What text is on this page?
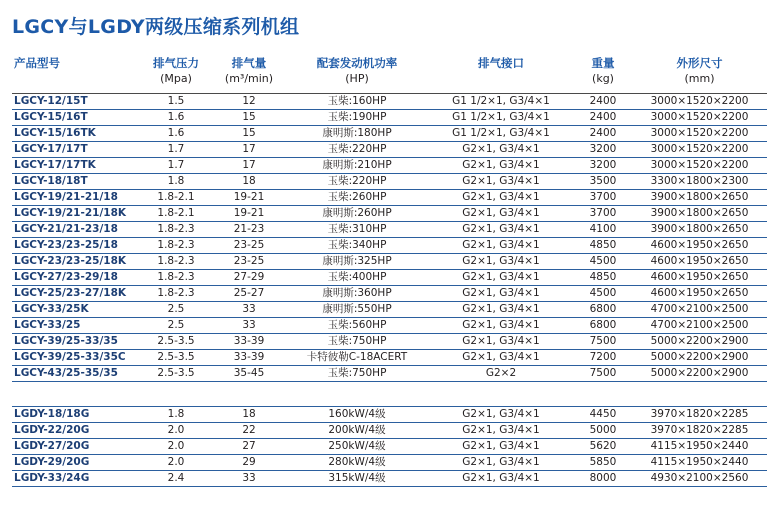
LGCY与LGDY两级压缩系列机组
产品型号	排气压力	排气量	配套发动机功率	排气接口	重量	外形尺寸
	(Mpa)	(m³/min)	(HP)		(kg)	(mm)
LGCY-12/15T	1.5	12	玉柴:160HP	G1 1/2×1, G3/4×1	2400	3000×1520×2200
LGCY-15/16T	1.6	15	玉柴:190HP	G1 1/2×1, G3/4×1	2400	3000×1520×2200
LGCY-15/16TK	1.6	15	康明斯:180HP	G1 1/2×1, G3/4×1	2400	3000×1520×2200
LGCY-17/17T	1.7	17	玉柴:220HP	G2×1, G3/4×1	3200	3000×1520×2200
LGCY-17/17TK	1.7	17	康明斯:210HP	G2×1, G3/4×1	3200	3000×1520×2200
LGCY-18/18T	1.8	18	玉柴:220HP	G2×1, G3/4×1	3500	3300×1800×2300
LGCY-19/21-21/18	1.8-2.1	19-21	玉柴:260HP	G2×1, G3/4×1	3700	3900×1800×2650
LGCY-19/21-21/18K	1.8-2.1	19-21	康明斯:260HP	G2×1, G3/4×1	3700	3900×1800×2650
LGCY-21/21-23/18	1.8-2.3	21-23	玉柴:310HP	G2×1, G3/4×1	4100	3900×1800×2650
LGCY-23/23-25/18	1.8-2.3	23-25	玉柴:340HP	G2×1, G3/4×1	4850	4600×1950×2650
LGCY-23/23-25/18K	1.8-2.3	23-25	康明斯:325HP	G2×1, G3/4×1	4500	4600×1950×2650
LGCY-27/23-29/18	1.8-2.3	27-29	玉柴:400HP	G2×1, G3/4×1	4850	4600×1950×2650
LGCY-25/23-27/18K	1.8-2.3	25-27	康明斯:360HP	G2×1, G3/4×1	4500	4600×1950×2650
LGCY-33/25K	2.5	33	康明斯:550HP	G2×1, G3/4×1	6800	4700×2100×2500
LGCY-33/25	2.5	33	玉柴:560HP	G2×1, G3/4×1	6800	4700×2100×2500
LGCY-39/25-33/35	2.5-3.5	33-39	玉柴:750HP	G2×1, G3/4×1	7500	5000×2200×2900
LGCY-39/25-33/35C	2.5-3.5	33-39	卡特彼勒C-18ACERT	G2×1, G3/4×1	7200	5000×2200×2900
LGCY-43/25-35/35	2.5-3.5	35-45	玉柴:750HP	G2×2	7500	5000×2200×2900

LGDY-18/18G	1.8	18	160kW/4级	G2×1, G3/4×1	4450	3970×1820×2285
LGDY-22/20G	2.0	22	200kW/4级	G2×1, G3/4×1	5000	3970×1820×2285
LGDY-27/20G	2.0	27	250kW/4级	G2×1, G3/4×1	5620	4115×1950×2440
LGDY-29/20G	2.0	29	280kW/4级	G2×1, G3/4×1	5850	4115×1950×2440
LGDY-33/24G	2.4	33	315kW/4级	G2×1, G3/4×1	8000	4930×2100×2560
